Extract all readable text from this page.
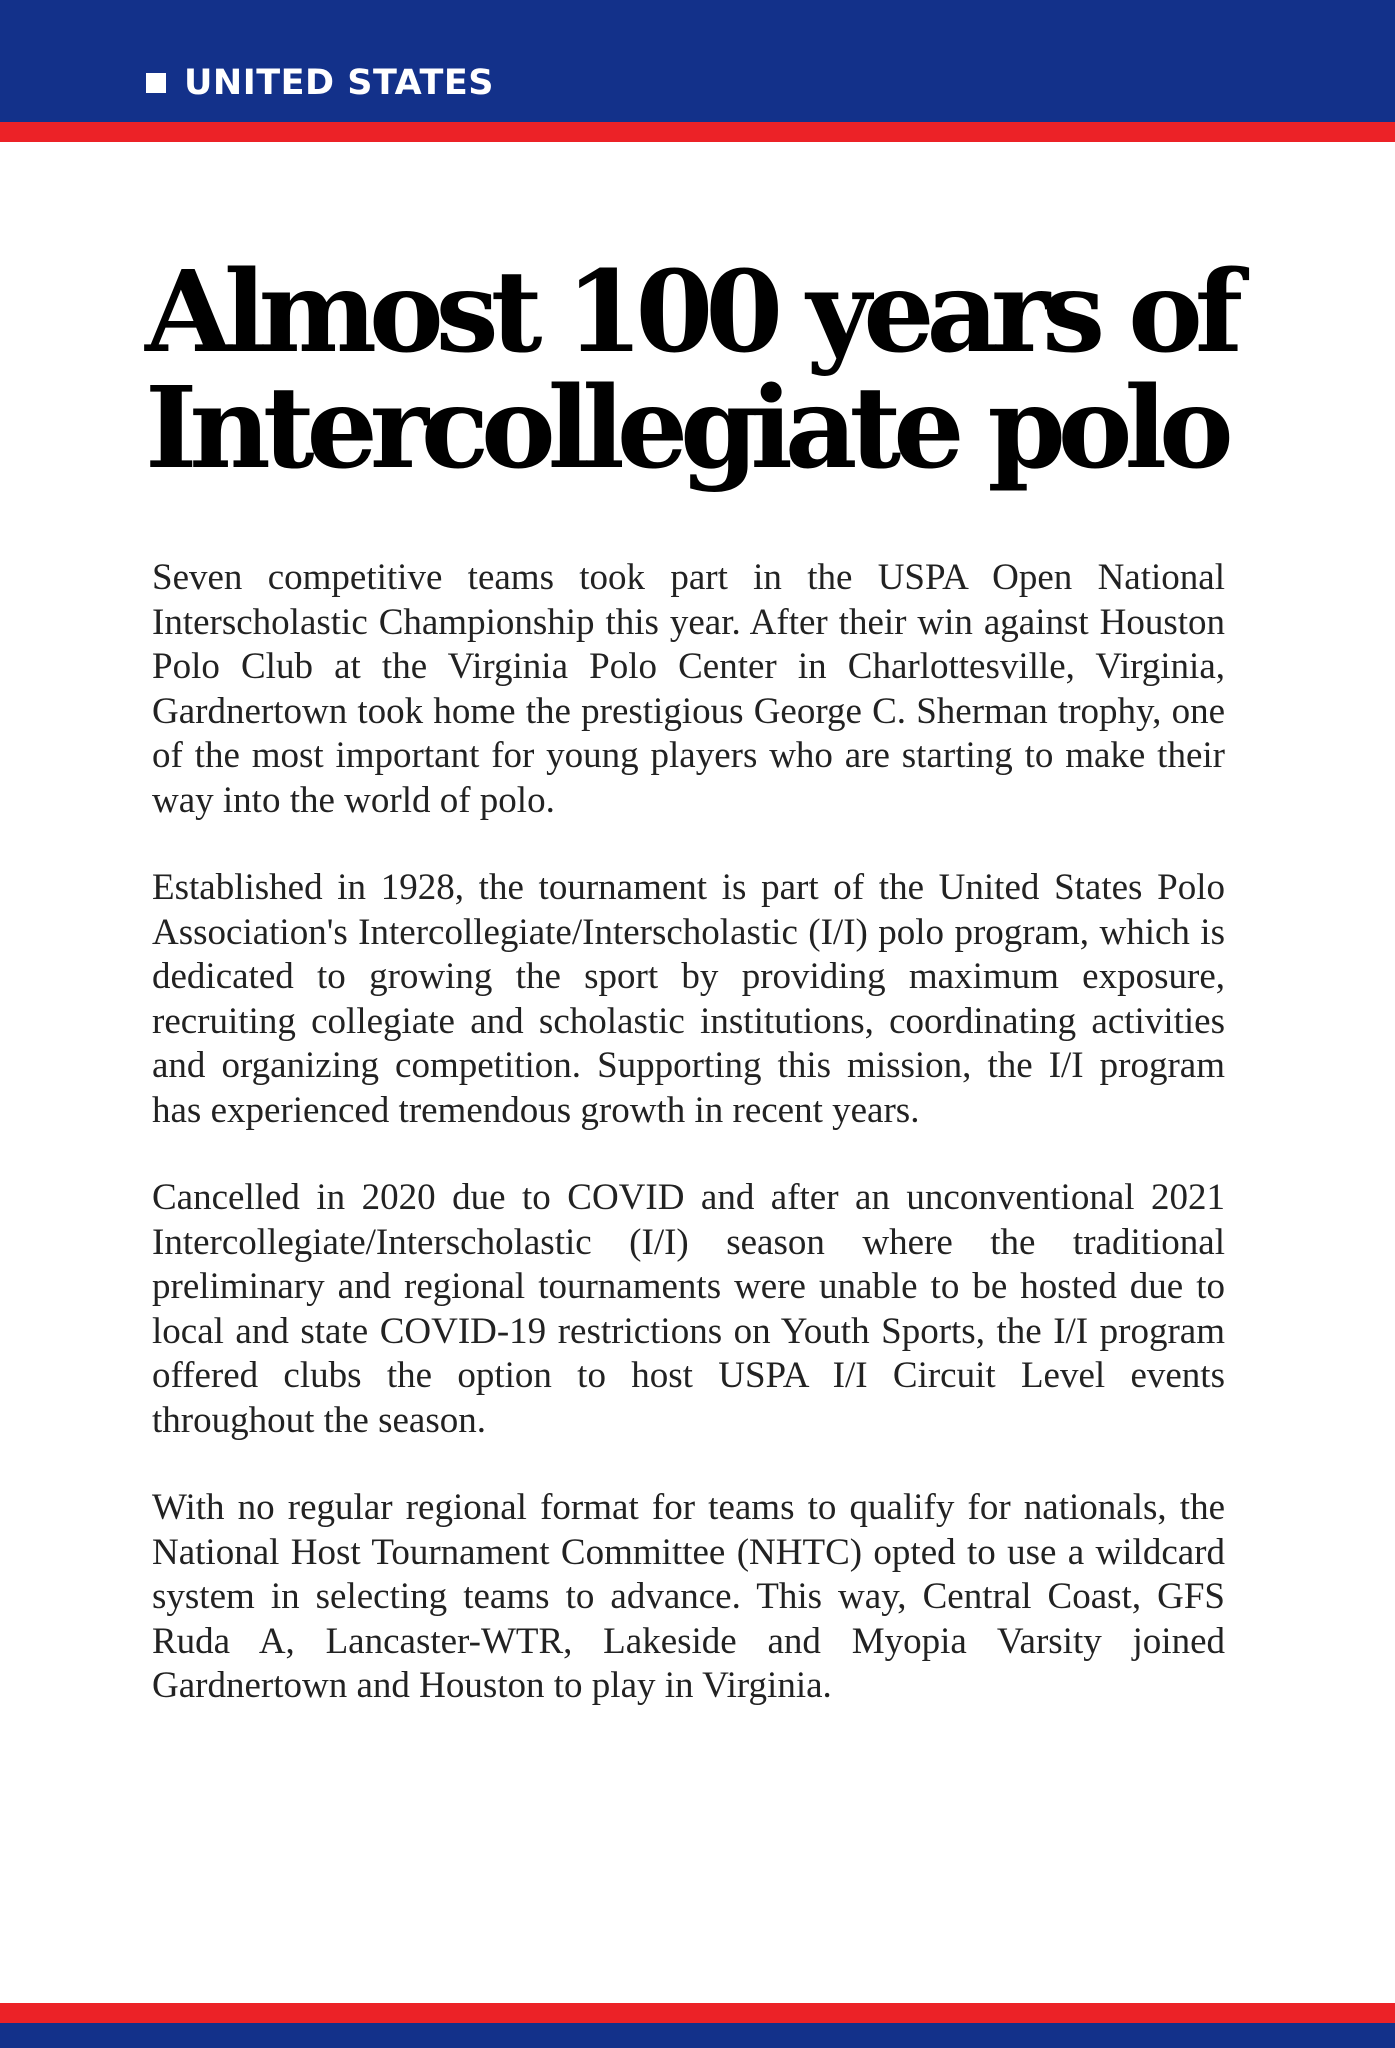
UNITED STATES
Almost 100 years of
Intercollegiate polo

Seven competitive teams took part in the USPA Open National Interscholastic Championship this year. After their win against Houston Polo Club at the Virginia Polo Center in Charlottesville, Virginia, Gardnertown took home the prestigious George C. Sherman trophy, one of the most important for young players who are starting to make their way into the world of polo.

Established in 1928, the tournament is part of the United States Polo Association's Intercollegiate/Interscholastic (I/I) polo program, which is dedicated to growing the sport by providing maximum exposure, recruiting collegiate and scholastic institutions, coordinating activities and organizing competition. Supporting this mission, the I/I program has experienced tremendous growth in recent years.

Cancelled in 2020 due to COVID and after an unconventional 2021 Intercollegiate/Interscholastic (I/I) season where the traditional preliminary and regional tournaments were unable to be hosted due to local and state COVID-19 restrictions on Youth Sports, the I/I program offered clubs the option to host USPA I/I Circuit Level events throughout the season.

With no regular regional format for teams to qualify for nationals, the National Host Tournament Committee (NHTC) opted to use a wildcard system in selecting teams to advance. This way, Central Coast, GFS Ruda A, Lancaster-WTR, Lakeside and Myopia Varsity joined Gardnertown and Houston to play in Virginia.
